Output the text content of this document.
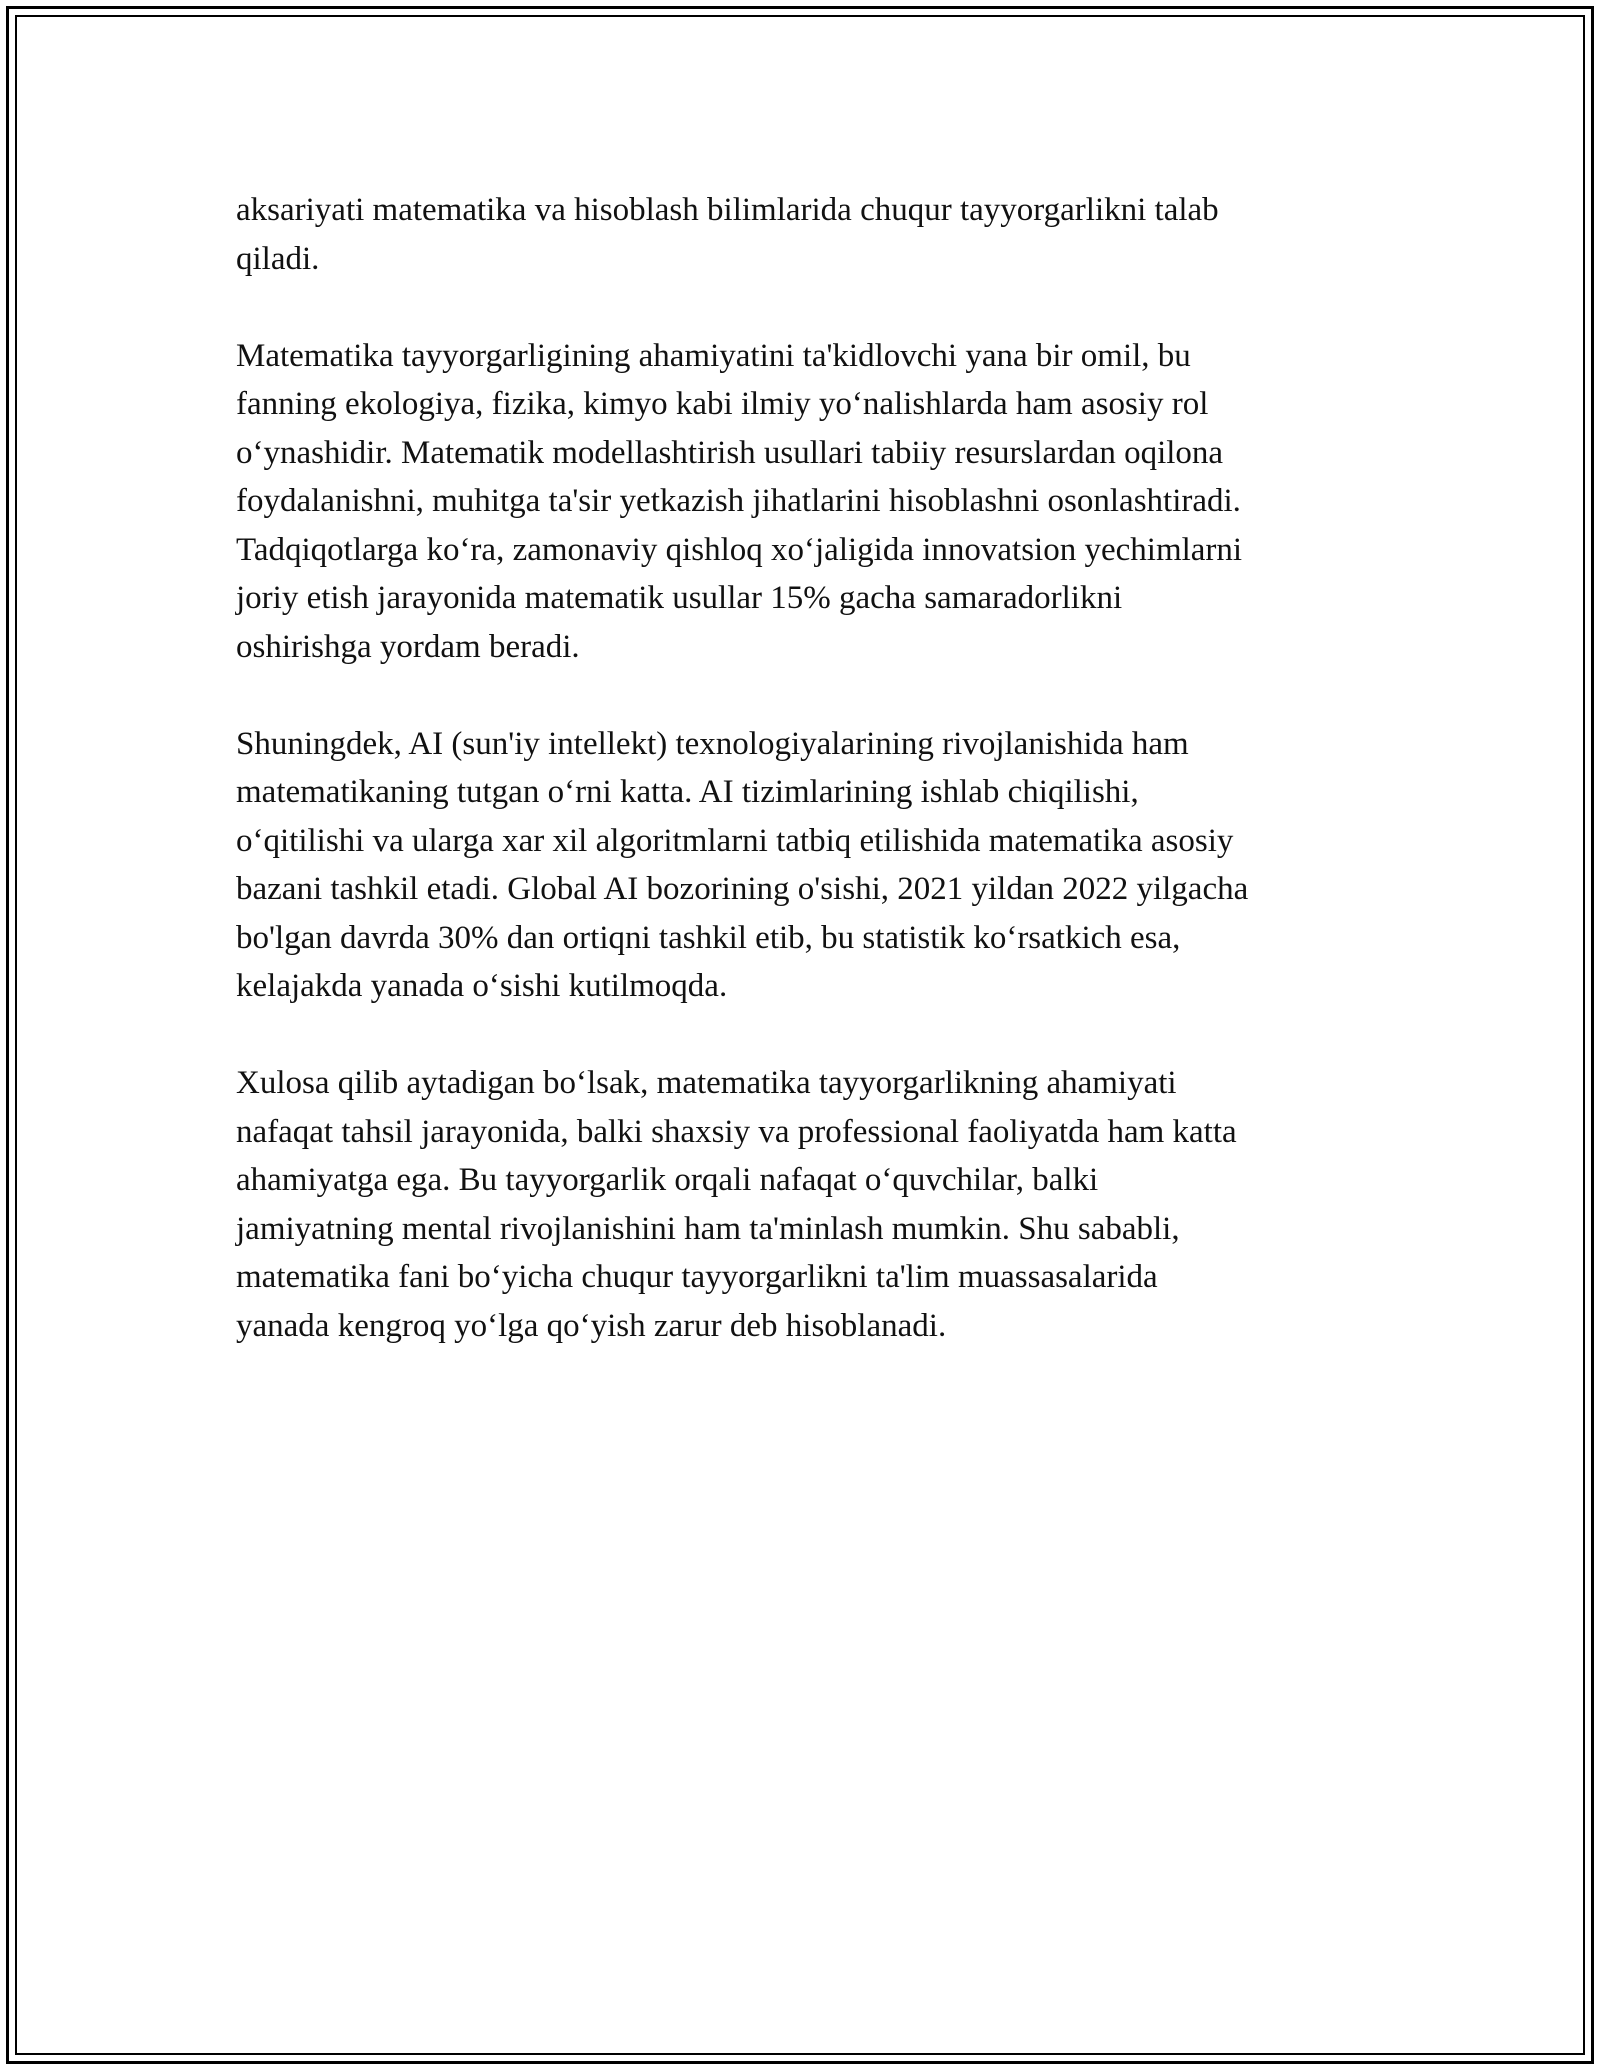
aksariyati matematika va hisoblash bilimlarida chuqur tayyorgarlikni talab
qiladi.

Matematika tayyorgarligining ahamiyatini ta'kidlovchi yana bir omil, bu
fanning ekologiya, fizika, kimyo kabi ilmiy yo‘nalishlarda ham asosiy rol
o‘ynashidir. Matematik modellashtirish usullari tabiiy resurslardan oqilona
foydalanishni, muhitga ta'sir yetkazish jihatlarini hisoblashni osonlashtiradi.
Tadqiqotlarga ko‘ra, zamonaviy qishloq xo‘jaligida innovatsion yechimlarni
joriy etish jarayonida matematik usullar 15% gacha samaradorlikni
oshirishga yordam beradi.

Shuningdek, AI (sun'iy intellekt) texnologiyalarining rivojlanishida ham
matematikaning tutgan o‘rni katta. AI tizimlarining ishlab chiqilishi,
o‘qitilishi va ularga xar xil algoritmlarni tatbiq etilishida matematika asosiy
bazani tashkil etadi. Global AI bozorining o'sishi, 2021 yildan 2022 yilgacha
bo'lgan davrda 30% dan ortiqni tashkil etib, bu statistik ko‘rsatkich esa,
kelajakda yanada o‘sishi kutilmoqda.

Xulosa qilib aytadigan bo‘lsak, matematika tayyorgarlikning ahamiyati
nafaqat tahsil jarayonida, balki shaxsiy va professional faoliyatda ham katta
ahamiyatga ega. Bu tayyorgarlik orqali nafaqat o‘quvchilar, balki
jamiyatning mental rivojlanishini ham ta'minlash mumkin. Shu sababli,
matematika fani bo‘yicha chuqur tayyorgarlikni ta'lim muassasalarida
yanada kengroq yo‘lga qo‘yish zarur deb hisoblanadi.
